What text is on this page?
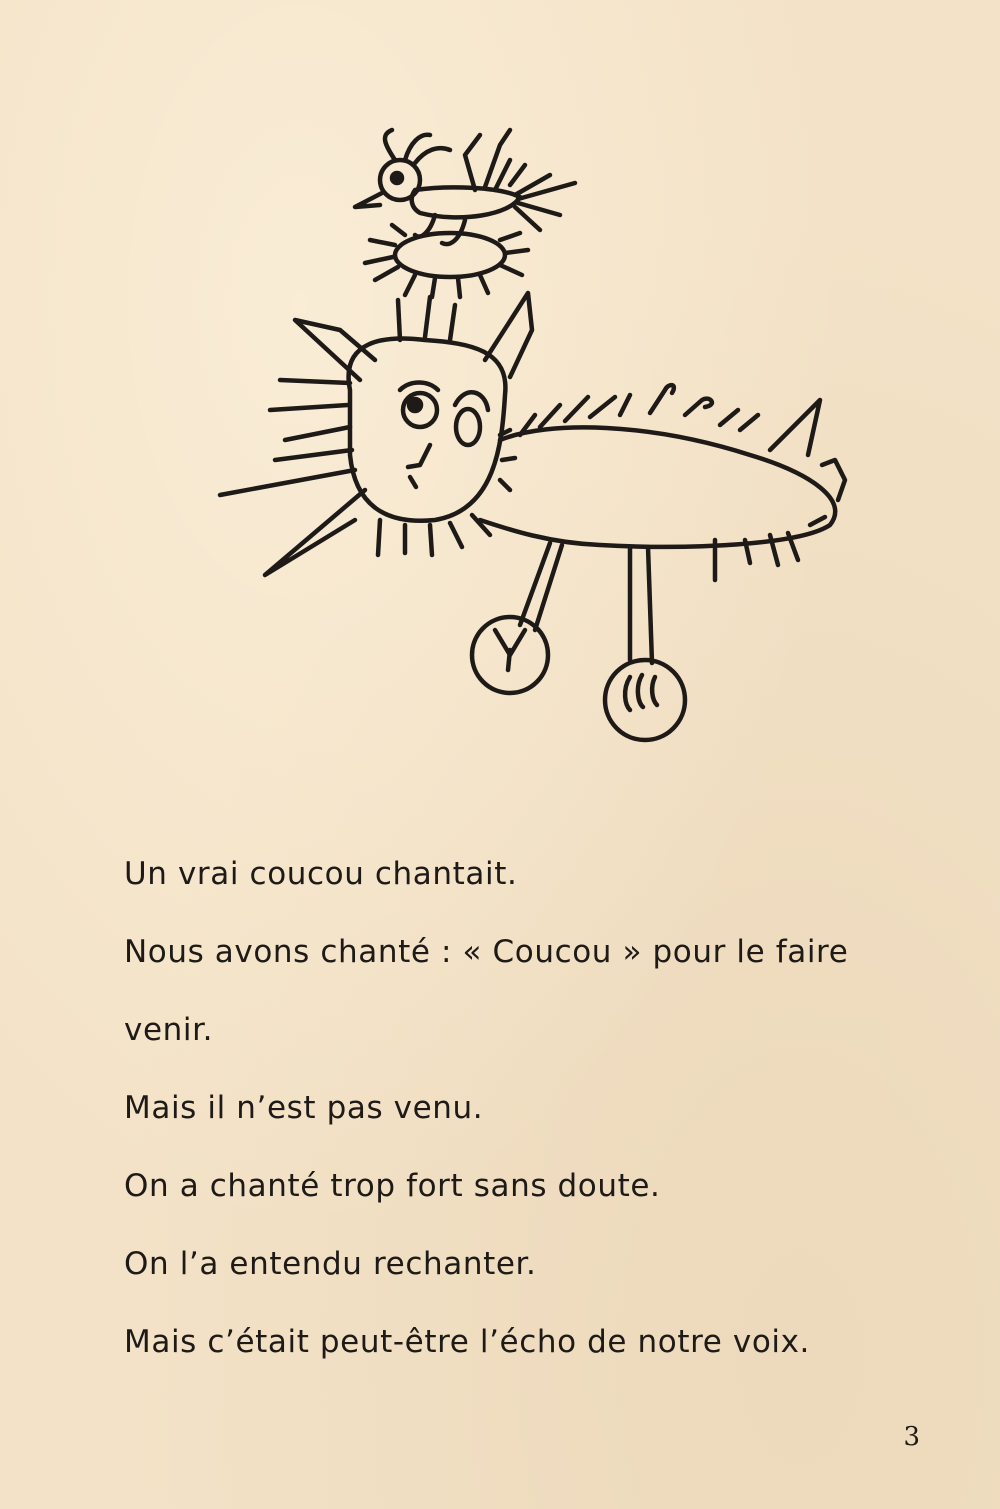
Un vrai coucou chantait.
Nous avons chanté : « Coucou » pour le faire
venir.
Mais il n’est pas venu.
On a chanté trop fort sans doute.
On l’a entendu rechanter.
Mais c’était peut-être l’écho de notre voix.
3
